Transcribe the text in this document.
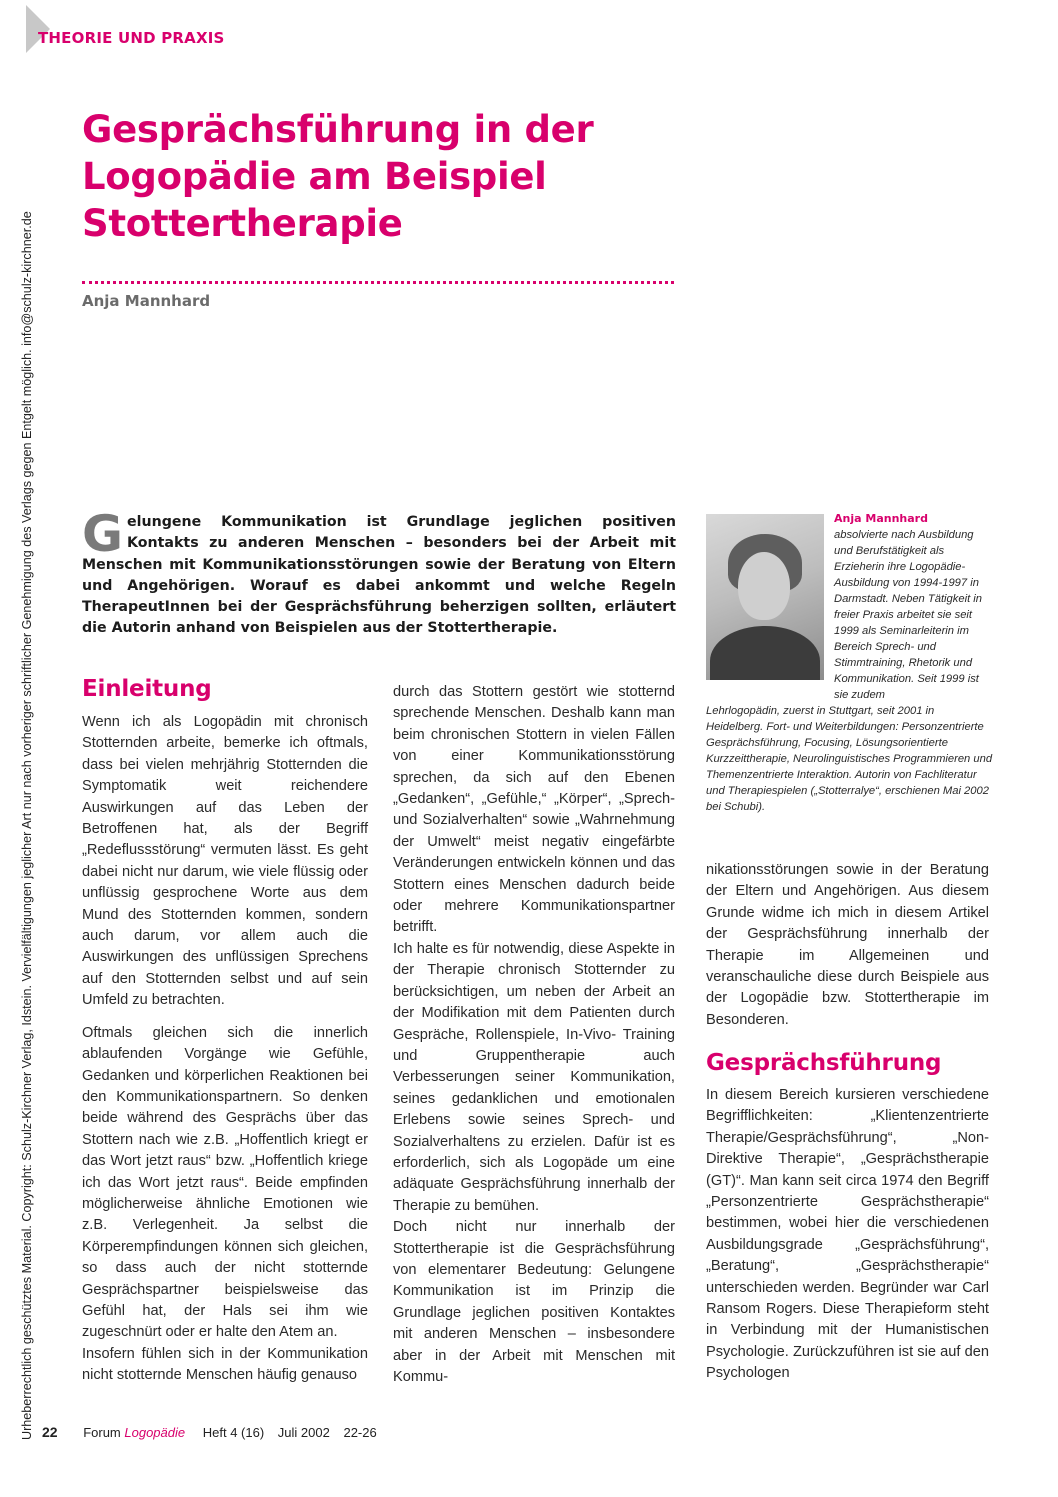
THEORIE UND PRAXIS
Urheberrechtlich geschütztes Material. Copyright: Schulz-Kirchner Verlag, Idstein. Vervielfältigungen jeglicher Art nur nach vorheriger schriftlicher Genehmigung des Verlags gegen Entgelt möglich. info@schulz-kirchner.de
Gesprächsführung in der Logopädie am Beispiel Stottertherapie
Anja Mannhard
Gelungene Kommunikation ist Grundlage jeglichen positiven Kontakts zu anderen Menschen – besonders bei der Arbeit mit Menschen mit Kommunikationsstörungen sowie der Beratung von Eltern und Angehörigen. Worauf es dabei ankommt und welche Regeln TherapeutInnen bei der Gesprächsführung beherzigen sollten, erläutert die Autorin anhand von Beispielen aus der Stottertherapie.
Anja Mannhard
absolvierte nach Ausbildung und Berufstätigkeit als Erzieherin ihre Logopädie-Ausbildung von 1994-1997 in Darmstadt. Neben Tätigkeit in freier Praxis arbeitet sie seit 1999 als Seminarleiterin im Bereich Sprech- und Stimmtraining, Rhetorik und Kommunikation. Seit 1999 ist sie zudem
Lehrlogopädin, zuerst in Stuttgart, seit 2001 in Heidelberg. Fort- und Weiterbildungen: Personzentrierte Gesprächsführung, Focusing, Lösungsorientierte Kurzzeittherapie, Neurolinguistisches Programmieren und Themenzentrierte Interaktion. Autorin von Fachliteratur und Therapiespielen („Stotterralye“, erschienen Mai 2002 bei Schubi).
Einleitung

Wenn ich als Logopädin mit chronisch Stotternden arbeite, bemerke ich oftmals, dass bei vielen mehrjährig Stotternden die Symptomatik weit reichendere Auswirkungen auf das Leben der Betroffenen hat, als der Begriff „Redeflussstörung“ vermuten lässt. Es geht dabei nicht nur darum, wie viele flüssig oder unflüssig gesprochene Worte aus dem Mund des Stotternden kommen, sondern auch darum, vor allem auch die Auswirkungen des unflüssigen Sprechens auf den Stotternden selbst und auf sein Umfeld zu betrachten.

Oftmals gleichen sich die innerlich ablaufenden Vorgänge wie Gefühle, Gedanken und körperlichen Reaktionen bei den Kommunikationspartnern. So denken beide während des Gesprächs über das Stottern nach wie z.B. „Hoffentlich kriegt er das Wort jetzt raus“ bzw. „Hoffentlich kriege ich das Wort jetzt raus“. Beide empfinden möglicherweise ähnliche Emotionen wie z.B. Verlegenheit. Ja selbst die Körperempfindungen können sich gleichen, so dass auch der nicht stotternde Gesprächspartner beispielsweise das Gefühl hat, der Hals sei ihm wie zugeschnürt oder er halte den Atem an.

Insofern fühlen sich in der Kommunikation nicht stotternde Menschen häufig genauso

durch das Stottern gestört wie stotternd sprechende Menschen. Deshalb kann man beim chronischen Stottern in vielen Fällen von einer Kommunikationsstörung sprechen, da sich auf den Ebenen „Gedanken“, „Gefühle,“ „Körper“, „Sprech- und Sozialverhalten“ sowie „Wahrnehmung der Umwelt“ meist negativ eingefärbte Veränderungen entwickeln können und das Stottern eines Menschen dadurch beide oder mehrere Kommunikationspartner betrifft.

Ich halte es für notwendig, diese Aspekte in der Therapie chronisch Stotternder zu berücksichtigen, um neben der Arbeit an der Modifikation mit dem Patienten durch Gespräche, Rollenspiele, In-Vivo- Training und Gruppentherapie auch Verbesserungen seiner Kommunikation, seines gedanklichen und emotionalen Erlebens sowie seines Sprech- und Sozialverhaltens zu erzielen. Dafür ist es erforderlich, sich als Logopäde um eine adäquate Gesprächsführung innerhalb der Therapie zu bemühen.

Doch nicht nur innerhalb der Stottertherapie ist die Gesprächsführung von elementarer Bedeutung: Gelungene Kommunikation ist im Prinzip die Grundlage jeglichen positiven Kontaktes mit anderen Menschen – insbesondere aber in der Arbeit mit Menschen mit Kommu-

nikationsstörungen sowie in der Beratung der Eltern und Angehörigen. Aus diesem Grunde widme ich mich in diesem Artikel der Gesprächsführung innerhalb der Therapie im Allgemeinen und veranschauliche diese durch Beispiele aus der Logopädie bzw. Stottertherapie im Besonderen.

Gesprächsführung

In diesem Bereich kursieren verschiedene Begrifflichkeiten: „Klientenzentrierte Therapie/Gesprächsführung“, „Non-Direktive Therapie“, „Gesprächstherapie (GT)“. Man kann seit circa 1974 den Begriff „Personzentrierte Gesprächstherapie“ bestimmen, wobei hier die verschiedenen Ausbildungsgrade „Gesprächsführung“, „Beratung“, „Gesprächstherapie“ unterschieden werden. Begründer war Carl Ransom Rogers. Diese Therapieform steht in Verbindung mit der Humanistischen Psychologie. Zurückzuführen ist sie auf den Psychologen

22 Forum Logopädie Heft 4 (16) Juli 2002 22-26
